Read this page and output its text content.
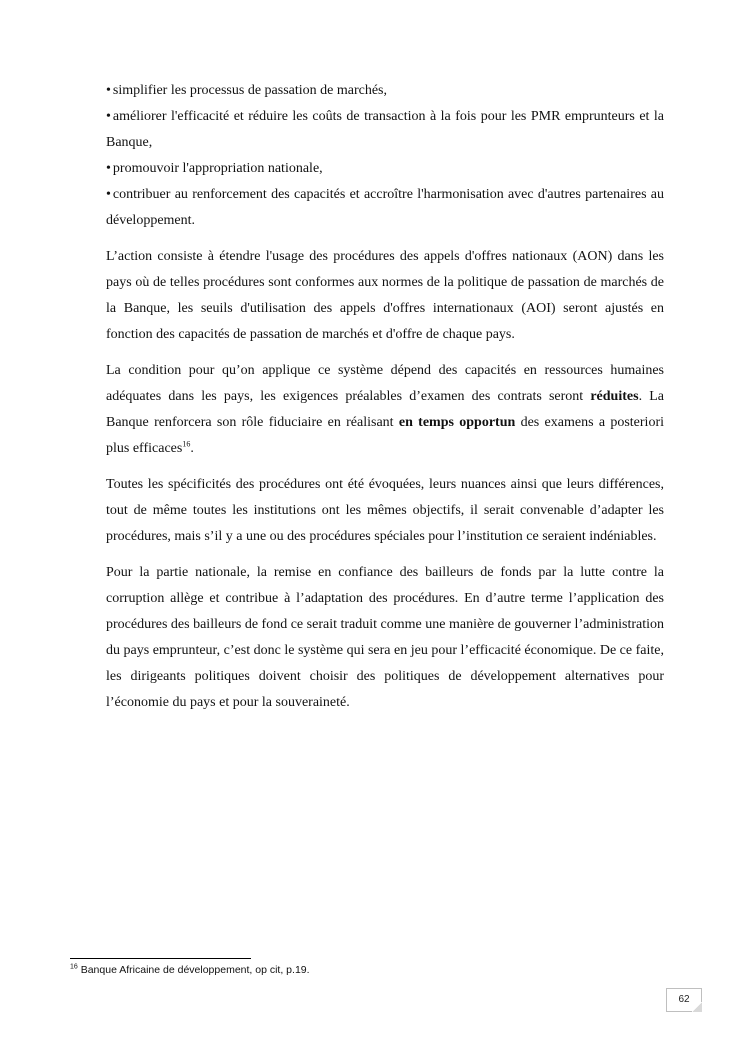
• simplifier les processus de passation de marchés,

• améliorer l'efficacité et réduire les coûts de transaction à la fois pour les PMR emprunteurs et la Banque,

• promouvoir l'appropriation nationale,

• contribuer au renforcement des capacités et accroître l'harmonisation avec d'autres partenaires au développement.

L’action consiste à étendre l'usage des procédures des appels d'offres nationaux (AON) dans les pays où de telles procédures sont conformes aux normes de la politique de passation de marchés de la Banque, les seuils d'utilisation des appels d'offres internationaux (AOI) seront ajustés en fonction des capacités de passation de marchés et d'offre de chaque pays.

La condition pour qu’on applique ce système dépend des capacités en ressources humaines adéquates dans les pays, les exigences préalables d’examen des contrats seront réduites. La Banque renforcera son rôle fiduciaire en réalisant en temps opportun des examens a posteriori plus efficaces$^{16}$.

Toutes les spécificités des procédures ont été évoquées, leurs nuances ainsi que leurs différences, tout de même toutes les institutions ont les mêmes objectifs, il serait convenable d’adapter les procédures, mais s’il y a une ou des procédures spéciales pour l’institution ce seraient indéniables.

Pour la partie nationale, la remise en confiance des bailleurs de fonds par la lutte contre la corruption allège et contribue à l’adaptation des procédures. En d’autre terme l’application des procédures des bailleurs de fond ce serait traduit comme une manière de gouverner l’administration du pays emprunteur, c’est donc le système qui sera en jeu pour l’efficacité économique. De ce faite, les dirigeants politiques doivent choisir des politiques de développement alternatives pour l’économie du pays et pour la souveraineté.

$^{16}$ Banque Africaine de développement, op cit, p.19.
62
